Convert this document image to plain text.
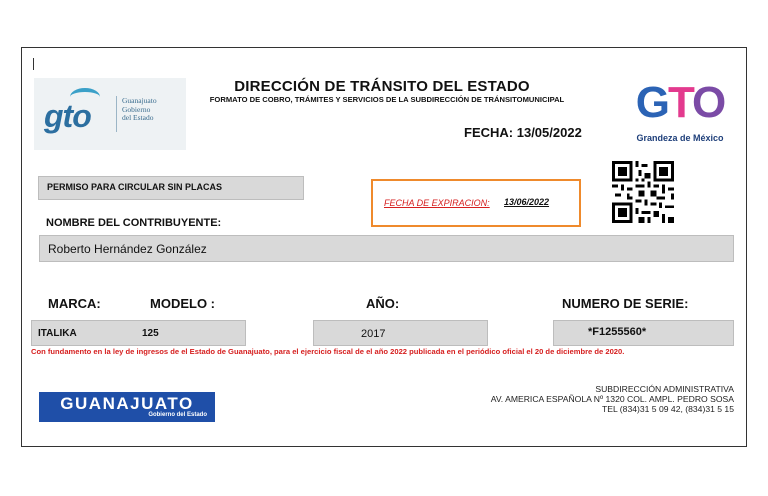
gto	Guanajuato
Gobierno
del Estado
DIRECCIÓN DE TRÁNSITO DEL ESTADO
FORMATO DE COBRO, TRÁMITES Y SERVICIOS DE LA SUBDIRECCIÓN DE TRÁNSITOMUNICIPAL
FECHA: 13/05/2022
GTO
Grandeza de México
PERMISO PARA CIRCULAR SIN PLACAS
FECHA DE EXPIRACION: 13/06/2022
NOMBRE DEL CONTRIBUYENTE:
Roberto Hernández González
MARCA:	MODELO :	AÑO:	NUMERO DE SERIE:
ITALIKA	125	2017	*F1255560*
Con fundamento en la ley de ingresos de el Estado de Guanajuato, para el ejercicio fiscal de el año 2022 publicada en el periódico oficial el 20 de diciembre de 2020.
GUANAJUATO
Gobierno del Estado
SUBDIRECCIÓN ADMINISTRATIVA
AV. AMERICA ESPAÑOLA Nº 1320 COL. AMPL. PEDRO SOSA
TEL (834)31 5 09 42, (834)31 5 15
